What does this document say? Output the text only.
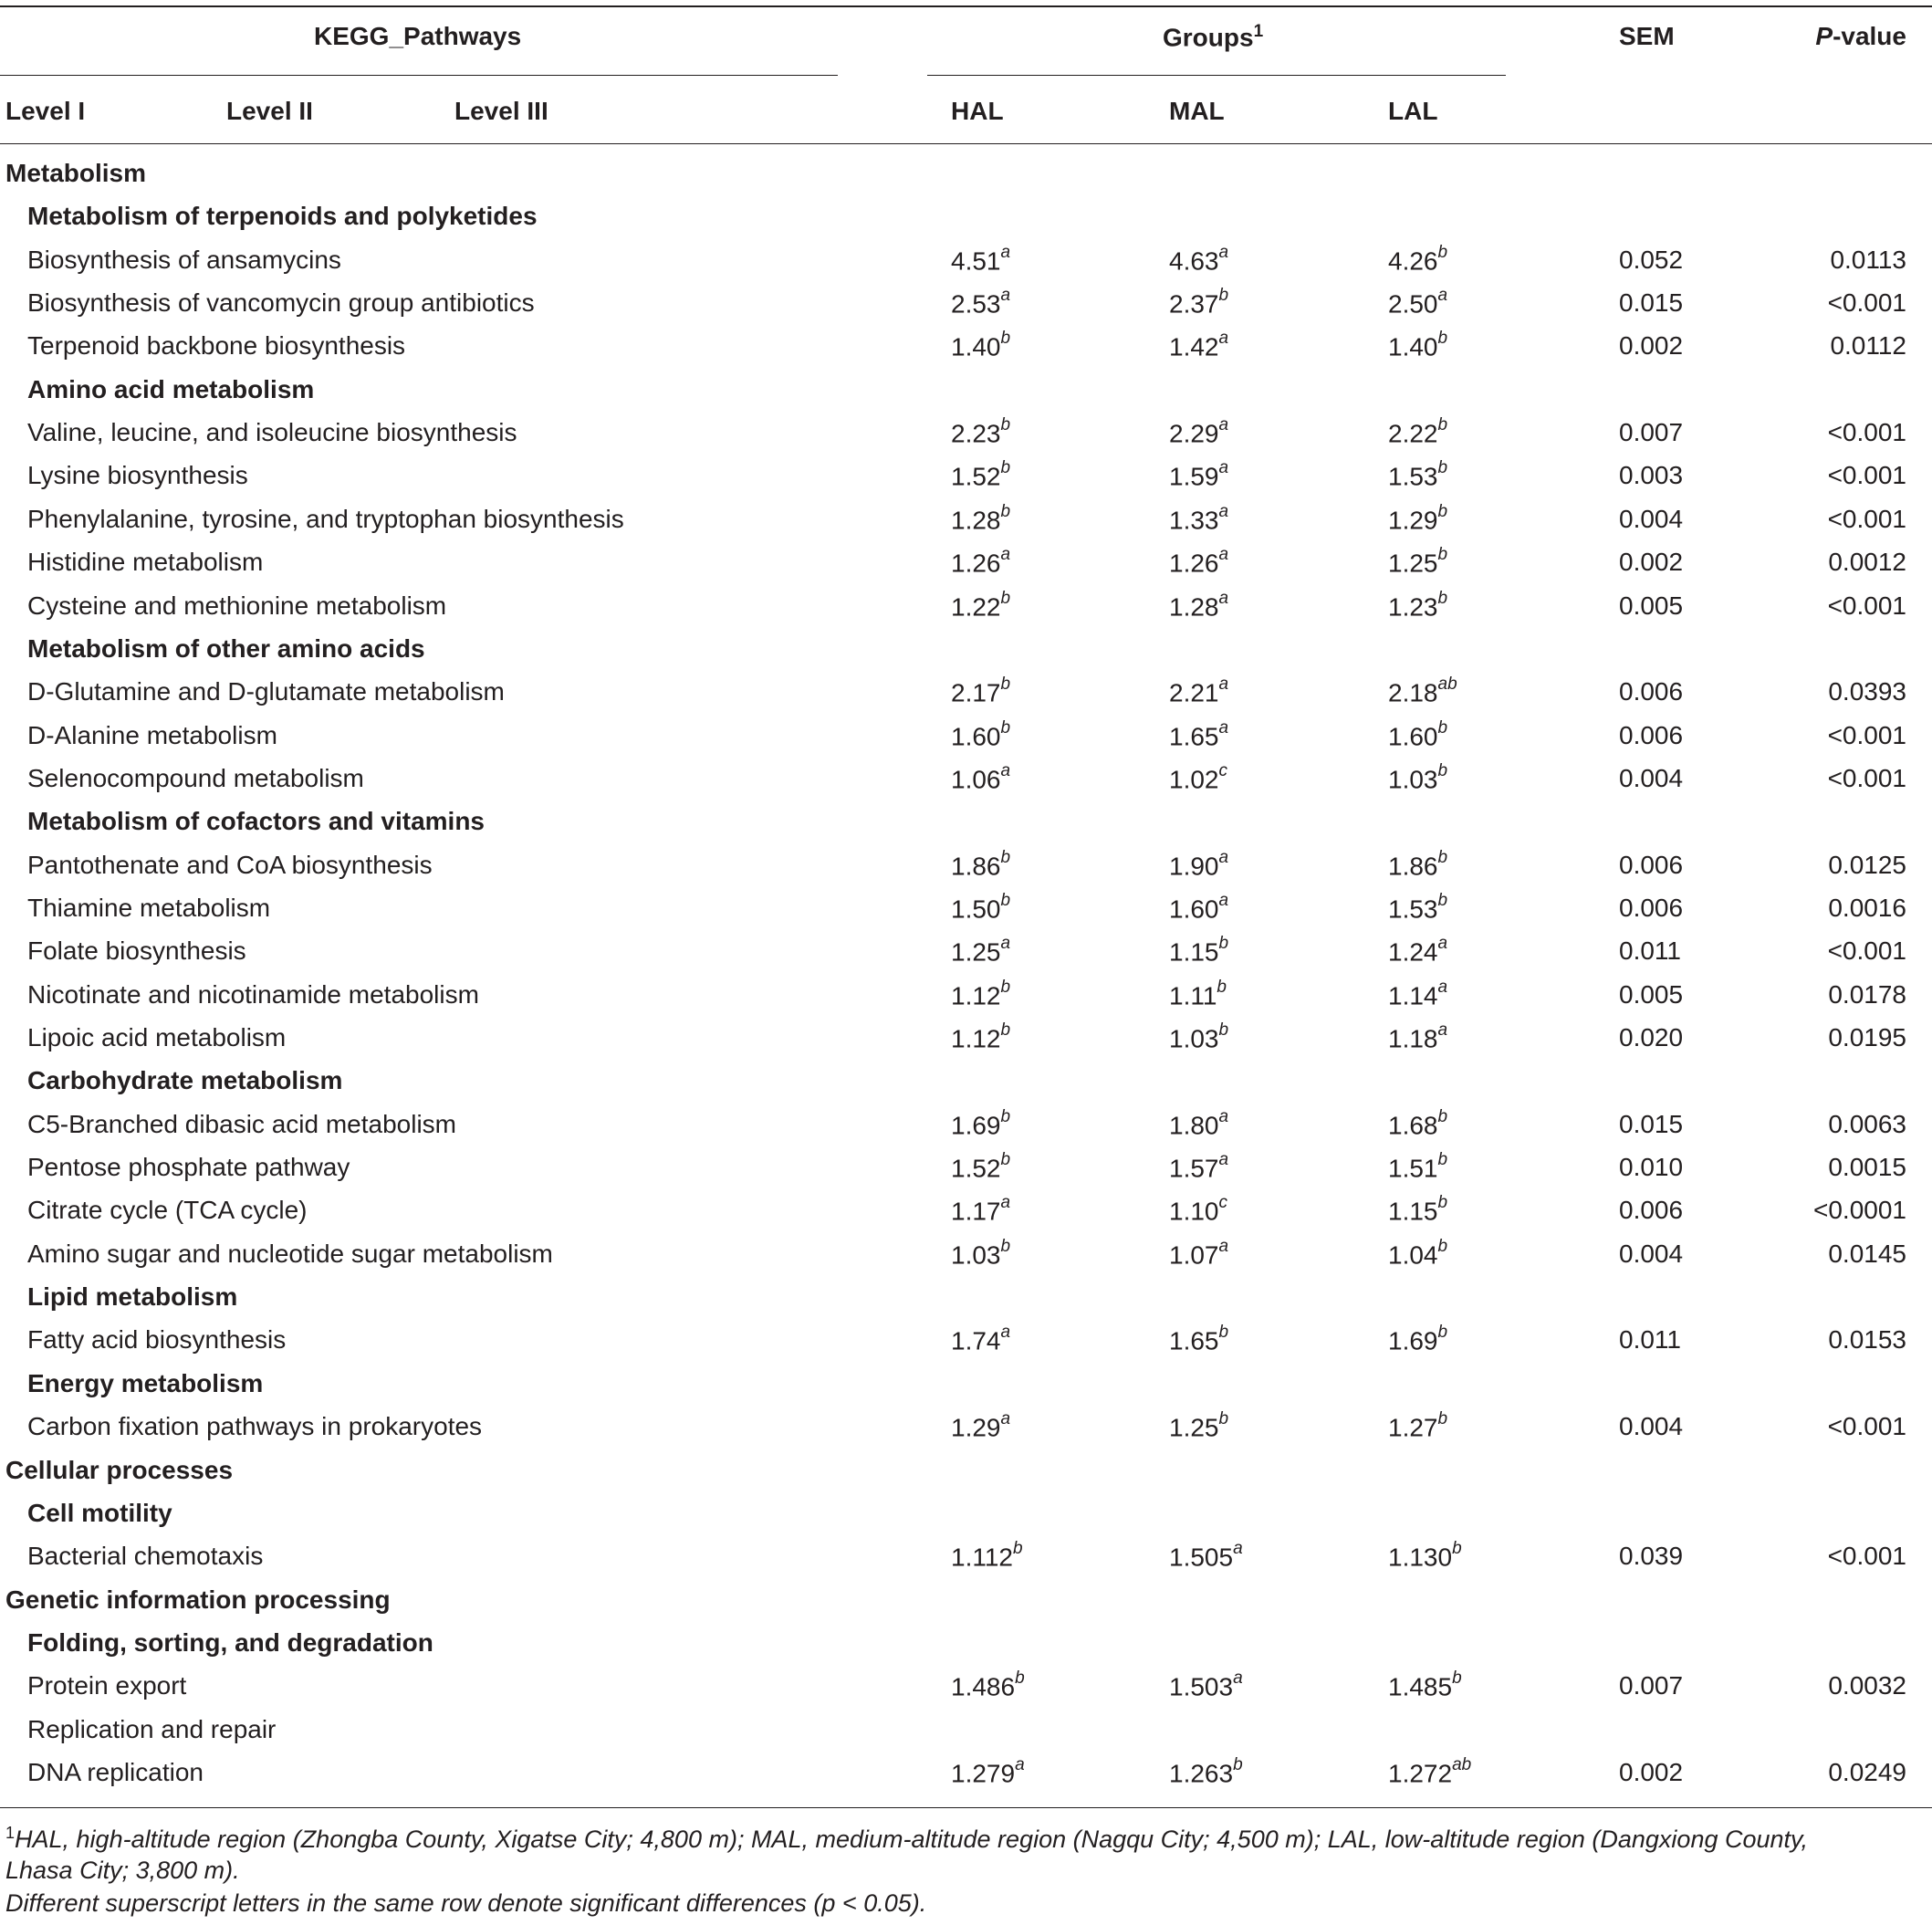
KEGG_Pathways	Groups$^1$	SEM	P-value
Level I	Level II	Level III	HAL	MAL	LAL
Metabolism
Metabolism of terpenoids and polyketides
Biosynthesis of ansamycins	4.51$^a$	4.63$^a$	4.26$^b$	0.052	0.0113
Biosynthesis of vancomycin group antibiotics	2.53$^a$	2.37$^b$	2.50$^a$	0.015	<0.001
Terpenoid backbone biosynthesis	1.40$^b$	1.42$^a$	1.40$^b$	0.002	0.0112
Amino acid metabolism
Valine, leucine, and isoleucine biosynthesis	2.23$^b$	2.29$^a$	2.22$^b$	0.007	<0.001
Lysine biosynthesis	1.52$^b$	1.59$^a$	1.53$^b$	0.003	<0.001
Phenylalanine, tyrosine, and tryptophan biosynthesis	1.28$^b$	1.33$^a$	1.29$^b$	0.004	<0.001
Histidine metabolism	1.26$^a$	1.26$^a$	1.25$^b$	0.002	0.0012
Cysteine and methionine metabolism	1.22$^b$	1.28$^a$	1.23$^b$	0.005	<0.001
Metabolism of other amino acids
D-Glutamine and D-glutamate metabolism	2.17$^b$	2.21$^a$	2.18$^{ab}$	0.006	0.0393
D-Alanine metabolism	1.60$^b$	1.65$^a$	1.60$^b$	0.006	<0.001
Selenocompound metabolism	1.06$^a$	1.02$^c$	1.03$^b$	0.004	<0.001
Metabolism of cofactors and vitamins
Pantothenate and CoA biosynthesis	1.86$^b$	1.90$^a$	1.86$^b$	0.006	0.0125
Thiamine metabolism	1.50$^b$	1.60$^a$	1.53$^b$	0.006	0.0016
Folate biosynthesis	1.25$^a$	1.15$^b$	1.24$^a$	0.011	<0.001
Nicotinate and nicotinamide metabolism	1.12$^b$	1.11$^b$	1.14$^a$	0.005	0.0178
Lipoic acid metabolism	1.12$^b$	1.03$^b$	1.18$^a$	0.020	0.0195
Carbohydrate metabolism
C5-Branched dibasic acid metabolism	1.69$^b$	1.80$^a$	1.68$^b$	0.015	0.0063
Pentose phosphate pathway	1.52$^b$	1.57$^a$	1.51$^b$	0.010	0.0015
Citrate cycle (TCA cycle)	1.17$^a$	1.10$^c$	1.15$^b$	0.006	<0.0001
Amino sugar and nucleotide sugar metabolism	1.03$^b$	1.07$^a$	1.04$^b$	0.004	0.0145
Lipid metabolism
Fatty acid biosynthesis	1.74$^a$	1.65$^b$	1.69$^b$	0.011	0.0153
Energy metabolism
Carbon fixation pathways in prokaryotes	1.29$^a$	1.25$^b$	1.27$^b$	0.004	<0.001
Cellular processes
Cell motility
Bacterial chemotaxis	1.112$^b$	1.505$^a$	1.130$^b$	0.039	<0.001
Genetic information processing
Folding, sorting, and degradation
Protein export	1.486$^b$	1.503$^a$	1.485$^b$	0.007	0.0032
Replication and repair
DNA replication	1.279$^a$	1.263$^b$	1.272$^{ab}$	0.002	0.0249
$^1$HAL, high-altitude region (Zhongba County, Xigatse City; 4,800 m); MAL, medium-altitude region (Nagqu City; 4,500 m); LAL, low-altitude region (Dangxiong County,
Lhasa City; 3,800 m).
Different superscript letters in the same row denote significant differences (p < 0.05).
